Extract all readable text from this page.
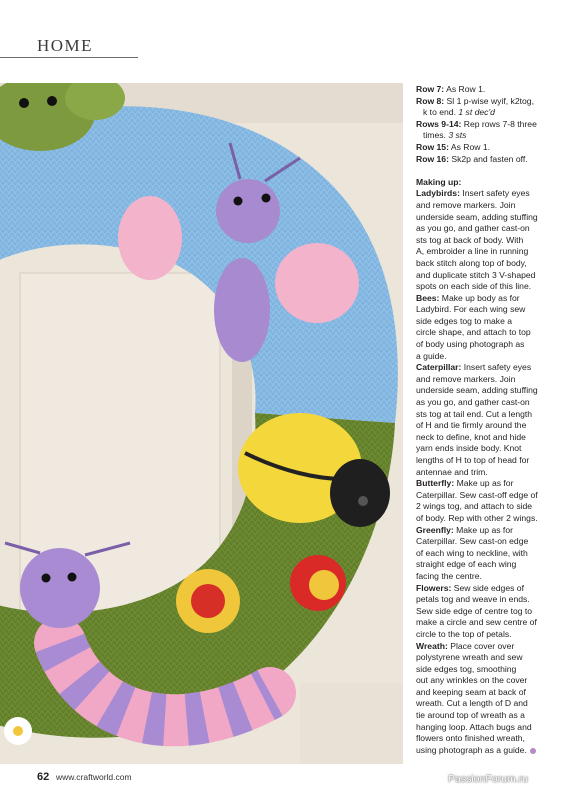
HOME

Row 7: As Row 1.

Row 8: Sl 1 p-wise wyif, k2tog,

k to end. 1 st dec'd

Rows 9-14: Rep rows 7-8 three

times. 3 sts

Row 15: As Row 1.

Row 16: Sk2p and fasten off.

Making up:

Ladybirds: Insert safety eyes

and remove markers. Join

underside seam, adding stuffing

as you go, and gather cast-on

sts tog at back of body. With

A, embroider a line in running

back stitch along top of body,

and duplicate stitch 3 V-shaped

spots on each side of this line.

Bees: Make up body as for

Ladybird. For each wing sew

side edges tog to make a

circle shape, and attach to top

of body using photograph as

a guide.

Caterpillar: Insert safety eyes

and remove markers. Join

underside seam, adding stuffing

as you go, and gather cast-on

sts tog at tail end. Cut a length

of H and tie firmly around the

neck to define, knot and hide

yarn ends inside body. Knot

lengths of H to top of head for

antennae and trim.

Butterfly: Make up as for

Caterpillar. Sew cast-off edge of

2 wings tog, and attach to side

of body. Rep with other 2 wings.

Greenfly: Make up as for

Caterpillar. Sew cast-on edge

of each wing to neckline, with

straight edge of each wing

facing the centre.

Flowers: Sew side edges of

petals tog and weave in ends.

Sew side edge of centre tog to

make a circle and sew centre of

circle to the top of petals.

Wreath: Place cover over

polystyrene wreath and sew

side edges tog, smoothing

out any wrinkles on the cover

and keeping seam at back of

wreath. Cut a length of D and

tie around top of wreath as a

hanging loop. Attach bugs and

flowers onto finished wreath,

using photograph as a guide.

62 www.craftworld.com	PassionForum.ru
